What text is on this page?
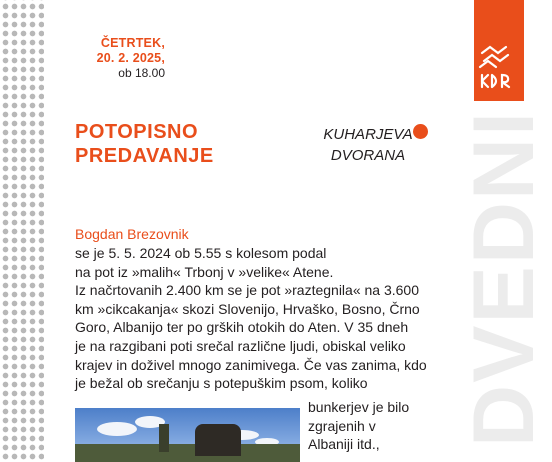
ČETRTEK,
20. 2. 2025,
ob 18.00
POTOPISNO
PREDAVANJE
KUHARJEVA
DVORANA
Bogdan Brezovnik
se je 5. 5. 2024 ob 5.55 s kolesom podal
na pot iz »malih« Trbonj v »velike« Atene.
Iz načrtovanih 2.400 km se je pot »raztegnila« na 3.600
km »cikcakanja« skozi Slovenijo, Hrvaško, Bosno, Črno
Goro, Albanijo ter po grških otokih do Aten. V 35 dneh
je na razgibani poti srečal različne ljudi, obiskal veliko
krajev in doživel mnogo zanimivega. Če vas zanima, kdo
je bežal ob srečanju s potepuškim psom, koliko
bunkerjev je bilo
zgrajenih v
Albaniji itd., DVEDNI
